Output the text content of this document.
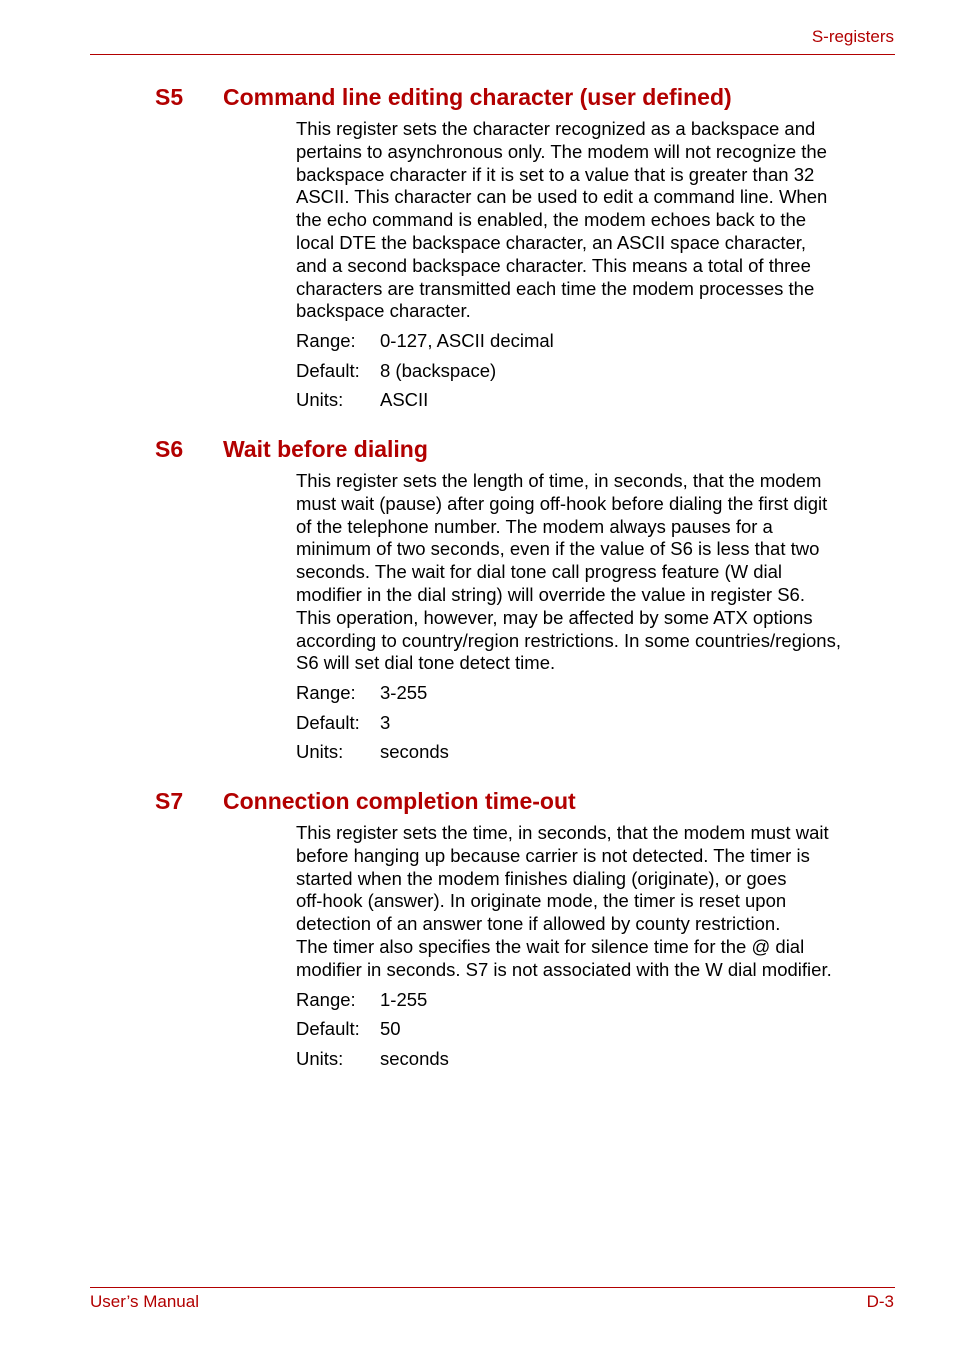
S-registers
S5 Command line editing character (user defined)
This register sets the character recognized as a backspace and
pertains to asynchronous only. The modem will not recognize the
backspace character if it is set to a value that is greater than 32
ASCII. This character can be used to edit a command line. When
the echo command is enabled, the modem echoes back to the
local DTE the backspace character, an ASCII space character,
and a second backspace character. This means a total of three
characters are transmitted each time the modem processes the
backspace character.
Range:	0-127, ASCII decimal
Default:	8 (backspace)
Units:	ASCII
S6 Wait before dialing
This register sets the length of time, in seconds, that the modem
must wait (pause) after going off-hook before dialing the first digit
of the telephone number. The modem always pauses for a
minimum of two seconds, even if the value of S6 is less that two
seconds. The wait for dial tone call progress feature (W dial
modifier in the dial string) will override the value in register S6.
This operation, however, may be affected by some ATX options
according to country/region restrictions. In some countries/regions,
S6 will set dial tone detect time.
Range:	3-255
Default:	3
Units:	seconds
S7 Connection completion time-out
This register sets the time, in seconds, that the modem must wait
before hanging up because carrier is not detected. The timer is
started when the modem finishes dialing (originate), or goes
off-hook (answer). In originate mode, the timer is reset upon
detection of an answer tone if allowed by county restriction.
The timer also specifies the wait for silence time for the @ dial
modifier in seconds. S7 is not associated with the W dial modifier.
Range:	1-255
Default:	50
Units:	seconds
User’s Manual	D-3
